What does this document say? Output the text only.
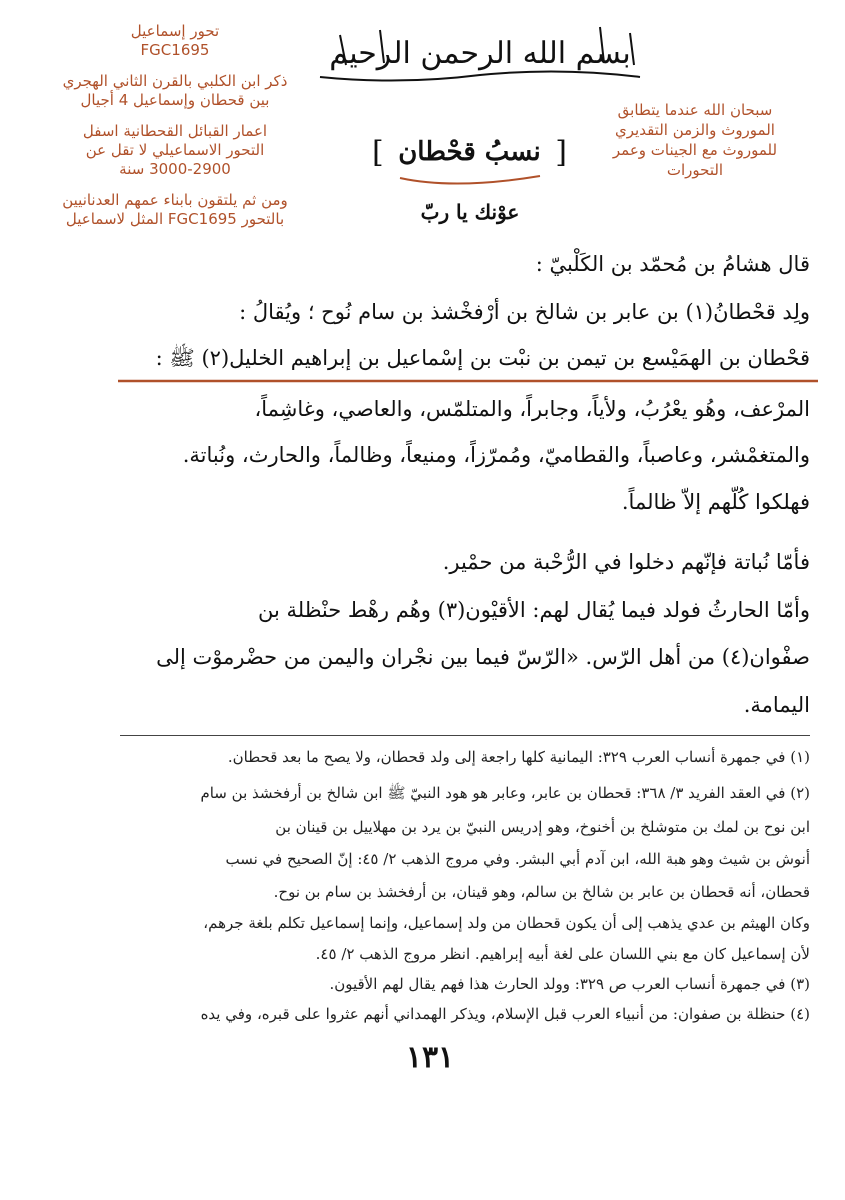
تحور إسماعيل
FGC1695
ذكر ابن الكلبي بالقرن الثاني الهجري
بين قحطان وإسماعيل 4 أجيال
اعمار القبائل القحطانية اسفل
التحور الاسماعيلي لا تقل عن
3000-2900 سنة
ومن ثم يلتقون بابناء عمهم العدنانيين
بالتحور FGC1695 المثل لاسماعيل
سبحان الله عندما يتطابق
الموروث والزمن التقديري
للموروث مع الجينات وعمر
التحورات
بسم الله الرحمن الرحيم
[ نسبُ قحْطان ]
عوْنك يا ربّ
قال هشامُ بن مُحمّد بن الكَلْبيّ :
ولِد قحْطانُ(١) بن عابر بن شالخ بن أرْفخْشذ بن سام نُوح ؛ ويُقالُ :
قحْطان بن الهمَيْسع بن تيمن بن نبْت بن إسْماعيل بن إبراهيم الخليل(٢) ﷺ :
المرْعف، وهُو يعْرُبُ، ولأياً، وجابراً، والمتلمّس، والعاصي، وغاشِماً،
والمتغمْشر، وعاصباً، والقطاميّ، ومُمرّزاً، ومنيعاً، وظالماً، والحارث، ونُباتة.
فهلكوا كُلّهم إلاّ ظالماً.
فأمّا نُباتة فإنّهم دخلوا في الرُّحْبة من حمْير.
وأمّا الحارثُ فولد فيما يُقال لهم: الأقيْون(٣) وهُم رهْط حنْظلة بن
صفْوان(٤) من أهل الرّس. «الرّسّ فيما بين نجْران واليمن من حضْرموْت إلى
اليمامة.
(١) في جمهرة أنساب العرب ٣٢٩: اليمانية كلها راجعة إلى ولد قحطان، ولا يصح ما بعد قحطان.
(٢) في العقد الفريد ٣/ ٣٦٨: قحطان بن عابر، وعابر هو هود النبيّ ﷺ ابن شالخ بن أرفخشذ بن سام
ابن نوح بن لمك بن متوشلخ بن أخنوخ، وهو إدريس النبيّ بن يرد بن مهلاييل بن قينان بن
أنوش بن شيث وهو هبة الله، ابن آدم أبي البشر. وفي مروج الذهب ٢/ ٤٥: إنّ الصحيح في نسب
قحطان، أنه قحطان بن عابر بن شالخ بن سالم، وهو قينان، بن أرفخشذ بن سام بن نوح.
وكان الهيثم بن عدي يذهب إلى أن يكون قحطان من ولد إسماعيل، وإنما إسماعيل تكلم بلغة جرهم،
لأن إسماعيل كان مع بني اللسان على لغة أبيه إبراهيم. انظر مروج الذهب ٢/ ٤٥.
(٣) في جمهرة أنساب العرب ص ٣٢٩: وولد الحارث هذا فهم يقال لهم الأقيون.
(٤) حنظلة بن صفوان: من أنبياء العرب قبل الإسلام، ويذكر الهمداني أنهم عثروا على قبره، وفي يده
١٣١
